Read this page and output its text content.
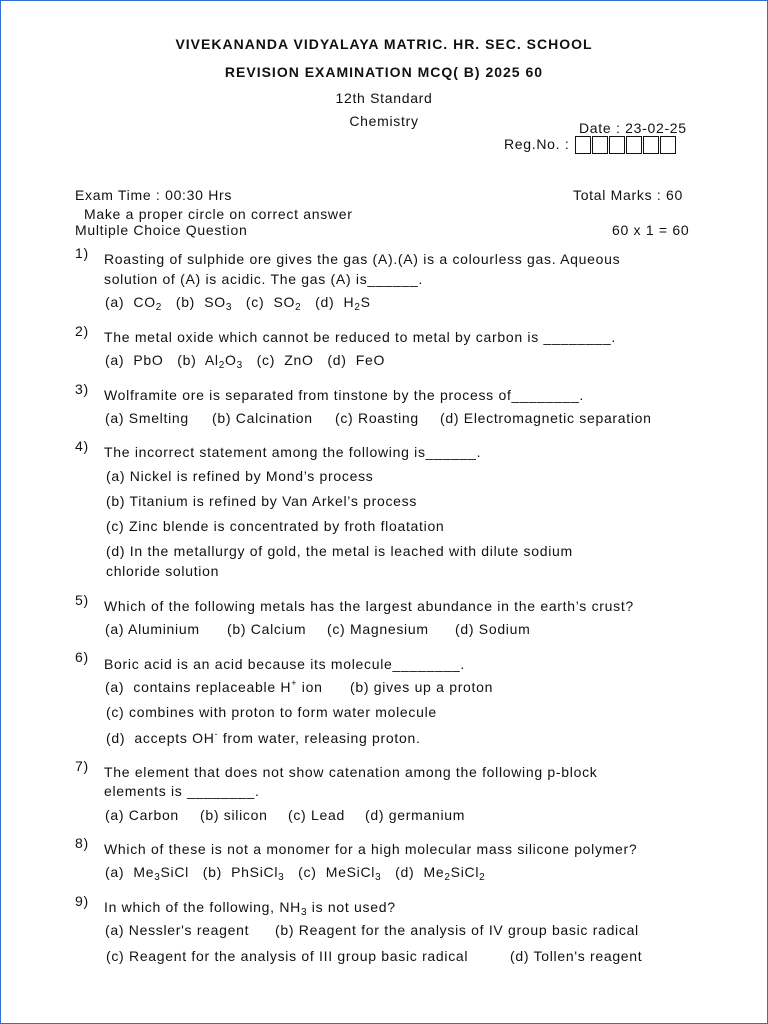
VIVEKANANDA VIDYALAYA MATRIC. HR. SEC. SCHOOL
REVISION EXAMINATION MCQ( B) 2025 60
12th Standard
Chemistry	Date : 23-02-25
Reg.No. :
Exam Time : 00:30 Hrs	Total Marks : 60
Make a proper circle on correct answer
Multiple Choice Question	60 x 1 = 60
1) Roasting of sulphide ore gives the gas (A).(A) is a colourless gas. Aqueous
solution of (A) is acidic. The gas (A) is______.
(a)  $CO_2$   (b)  $SO_3$   (c)  $SO_2$   (d)  $H_2S$
2) The metal oxide which cannot be reduced to metal by carbon is ________.
(a)  PbO   (b)  $Al_2O_3$   (c)  ZnO   (d)  FeO
3) Wolframite ore is separated from tinstone by the process of________.
(a) Smelting (b) Calcination (c) Roasting (d) Electromagnetic separation
4) The incorrect statement among the following is______.
(a) Nickel is refined by Mond’s process
(b) Titanium is refined by Van Arkel’s process
(c) Zinc blende is concentrated by froth floatation
(d) In the metallurgy of gold, the metal is leached with dilute sodium
chloride solution
5) Which of the following metals has the largest abundance in the earth’s crust?
(a) Aluminium (b) Calcium (c) Magnesium (d) Sodium
6) Boric acid is an acid because its molecule________.
(a)  contains replaceable H+ ion (b) gives up a proton
(c) combines with proton to form water molecule
(d)  accepts OH- from water, releasing proton.
7) The element that does not show catenation among the following p-block
elements is ________.
(a) Carbon (b) silicon (c) Lead (d) germanium
8) Which of these is not a monomer for a high molecular mass silicone polymer?
(a)  $Me_3SiCl$   (b)  PhSiCl$_3$   (c)  MeSiCl$_3$   (d)  $Me_2SiCl_2$
9) In which of the following, $NH_3$ is not used?
(a) Nessler's reagent (b) Reagent for the analysis of IV group basic radical
(c) Reagent for the analysis of III group basic radical	(d) Tollen's reagent
